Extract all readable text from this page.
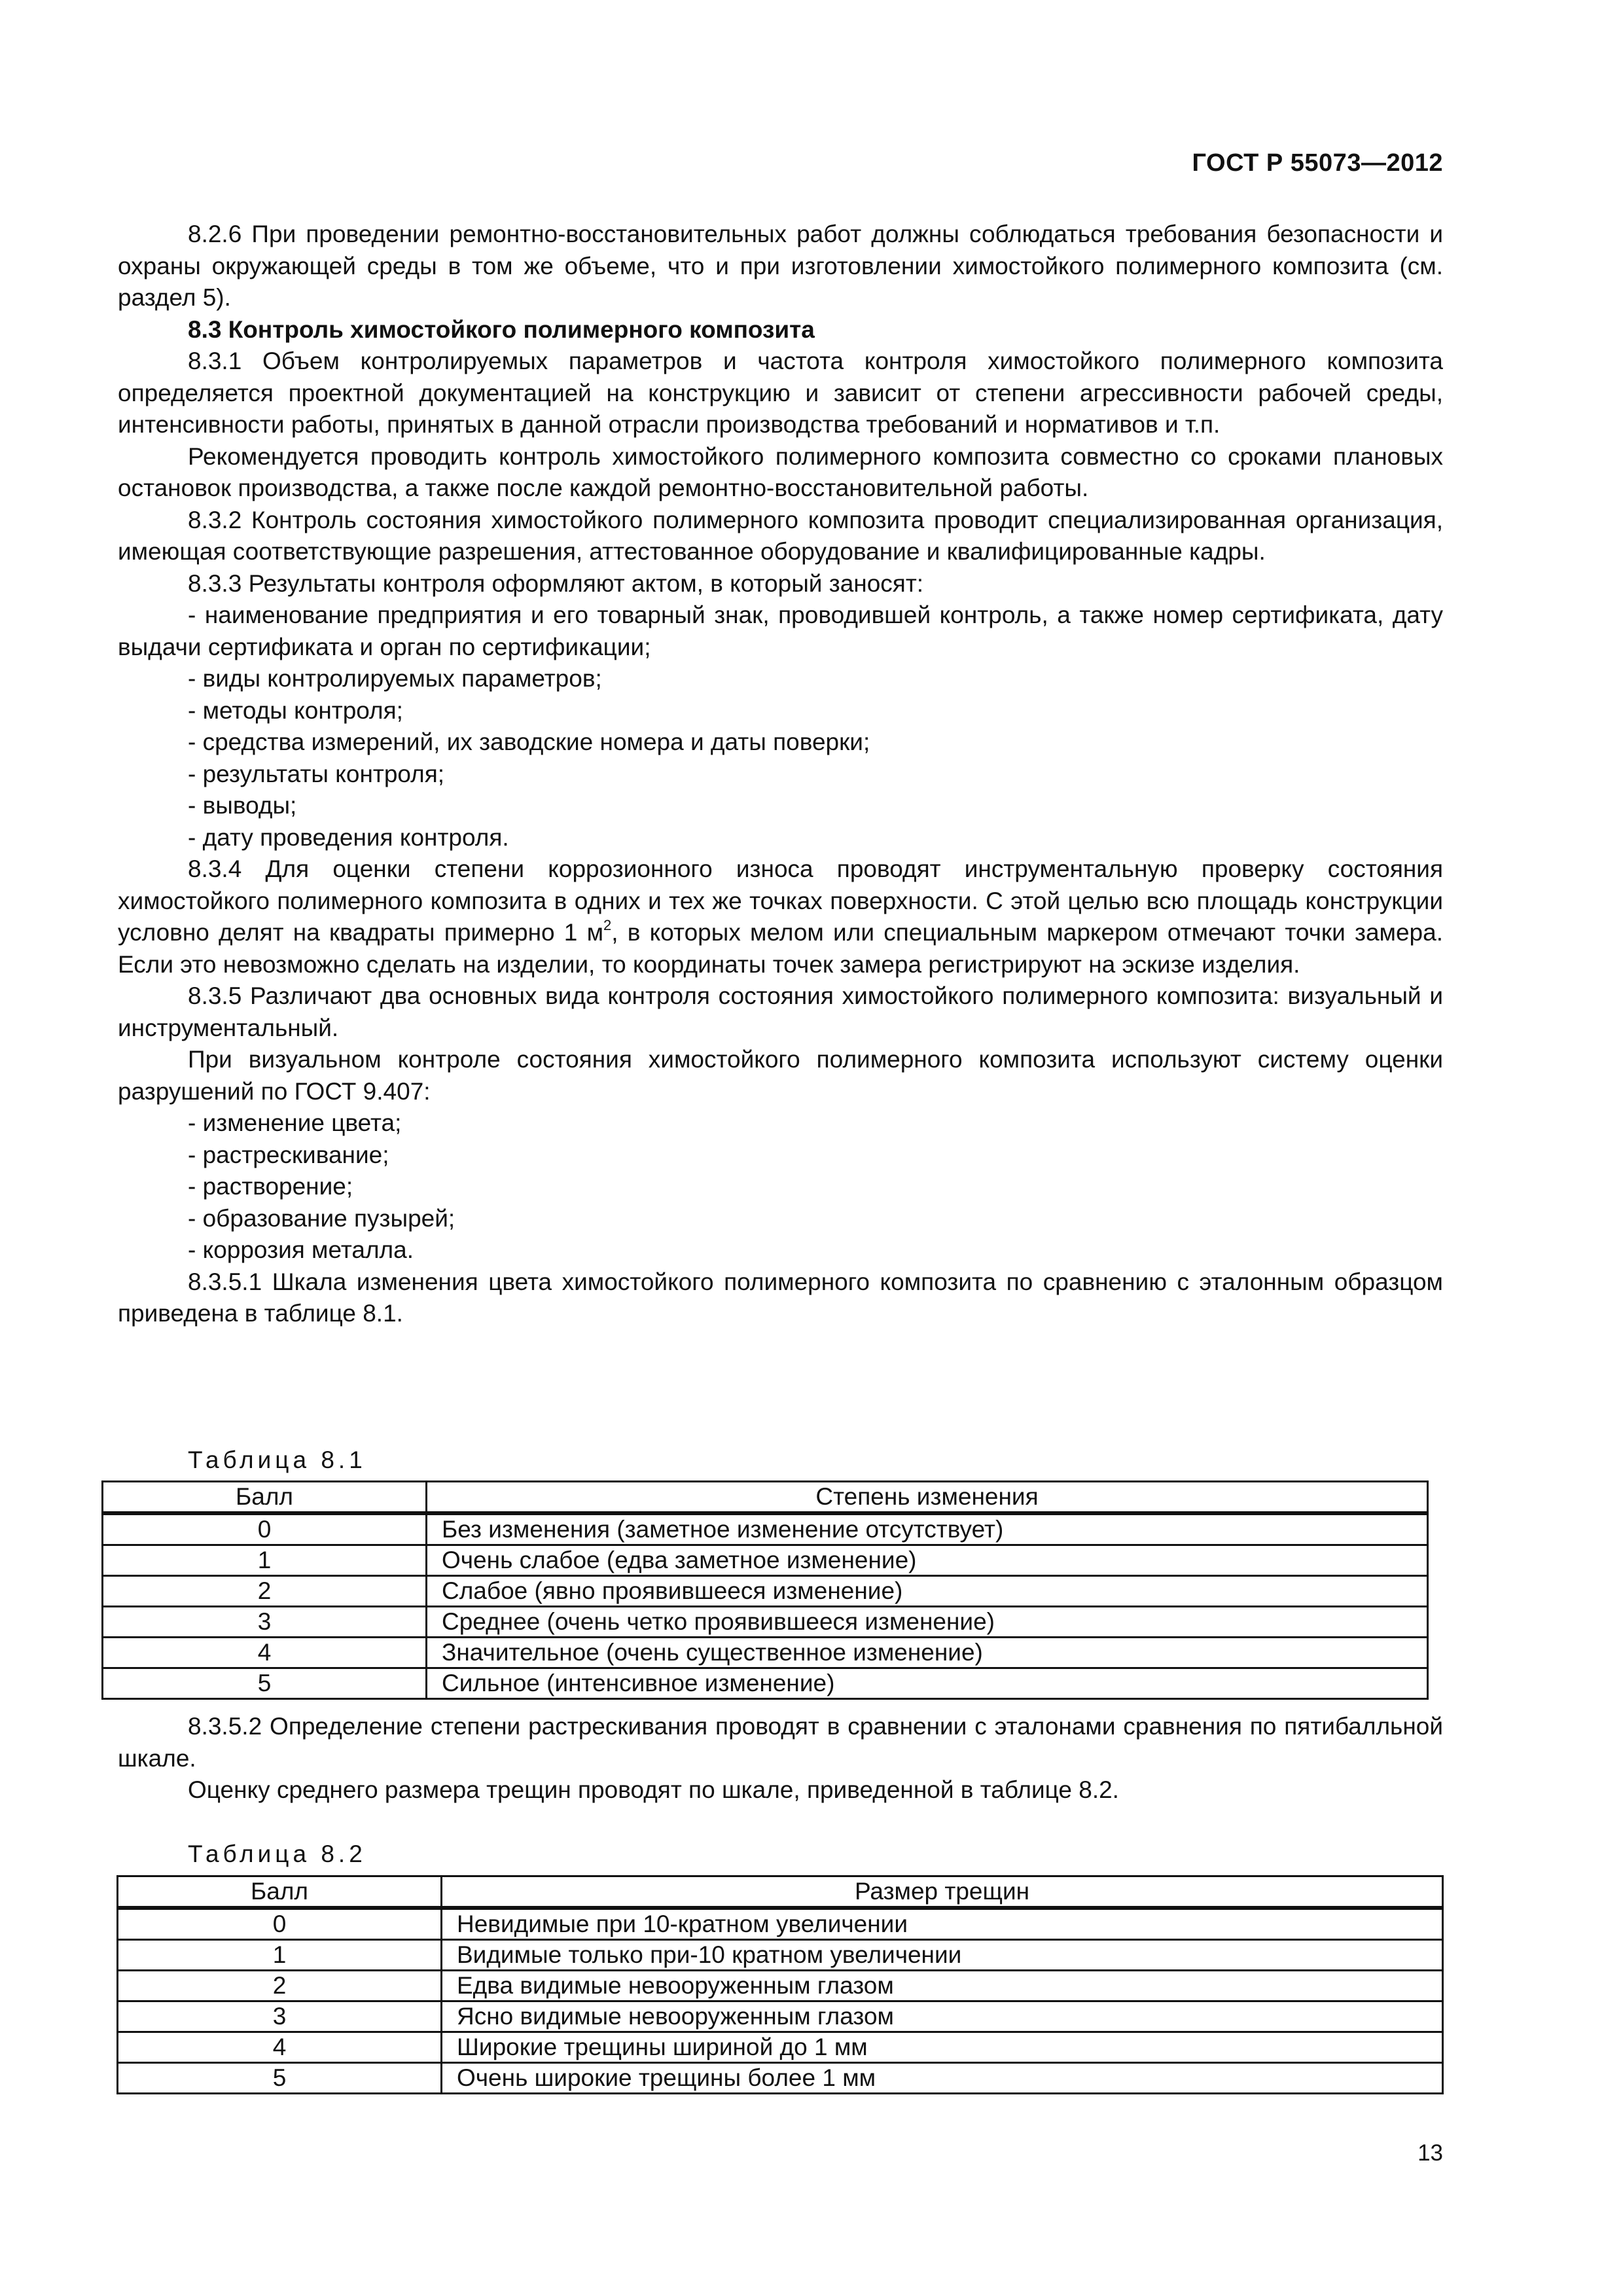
ГОСТ Р 55073—2012

8.2.6 При проведении ремонтно-восстановительных работ должны соблюдаться требования безопасности и охраны окружающей среды в том же объеме, что и при изготовлении химостойкого полимерного композита (см. раздел 5).

8.3 Контроль химостойкого полимерного композита

8.3.1 Объем контролируемых параметров и частота контроля химостойкого полимерного композита определяется проектной документацией на конструкцию и зависит от степени агрессивности рабочей среды, интенсивности работы, принятых в данной отрасли производства требований и нормативов и т.п.

Рекомендуется проводить контроль химостойкого полимерного композита совместно со сроками плановых остановок производства, а также после каждой ремонтно-восстановительной работы.

8.3.2 Контроль состояния химостойкого полимерного композита проводит специализированная организация, имеющая соответствующие разрешения, аттестованное оборудование и квалифицированные кадры.

8.3.3 Результаты контроля оформляют актом, в который заносят:

- наименование предприятия и его товарный знак, проводившей контроль, а также номер сертификата, дату выдачи сертификата и орган по сертификации;

- виды контролируемых параметров;

- методы контроля;

- средства измерений, их заводские номера и даты поверки;

- результаты контроля;

- выводы;

- дату проведения контроля.

8.3.4 Для оценки степени коррозионного износа проводят инструментальную проверку состояния химостойкого полимерного композита в одних и тех же точках поверхности. С этой целью всю площадь конструкции условно делят на квадраты примерно 1 $м^2$, в которых мелом или специальным маркером отмечают точки замера. Если это невозможно сделать на изделии, то координаты точек замера регистрируют на эскизе изделия.

8.3.5 Различают два основных вида контроля состояния химостойкого полимерного композита: визуальный и инструментальный.

При визуальном контроле состояния химостойкого полимерного композита используют систему оценки разрушений по ГОСТ 9.407:

- изменение цвета;

- растрескивание;

- растворение;

- образование пузырей;

- коррозия металла.

8.3.5.1 Шкала изменения цвета химостойкого полимерного композита по сравнению с эталонным образцом приведена в таблице 8.1.

Таблица 8.1
Балл	Степень изменения
0	Без изменения (заметное изменение отсутствует)
1	Очень слабое (едва заметное изменение)
2	Слабое (явно проявившееся изменение)
3	Среднее (очень четко проявившееся изменение)
4	Значительное (очень существенное изменение)
5	Сильное (интенсивное изменение)

8.3.5.2 Определение степени растрескивания проводят в сравнении с эталонами сравнения по пятибалльной шкале.

Оценку среднего размера трещин проводят по шкале, приведенной в таблице 8.2.

Таблица 8.2
Балл	Размер трещин
0	Невидимые при 10-кратном увеличении
1	Видимые только при-10 кратном увеличении
2	Едва видимые невооруженным глазом
3	Ясно видимые невооруженным глазом
4	Широкие трещины шириной до 1 мм
5	Очень широкие трещины более 1 мм
13
